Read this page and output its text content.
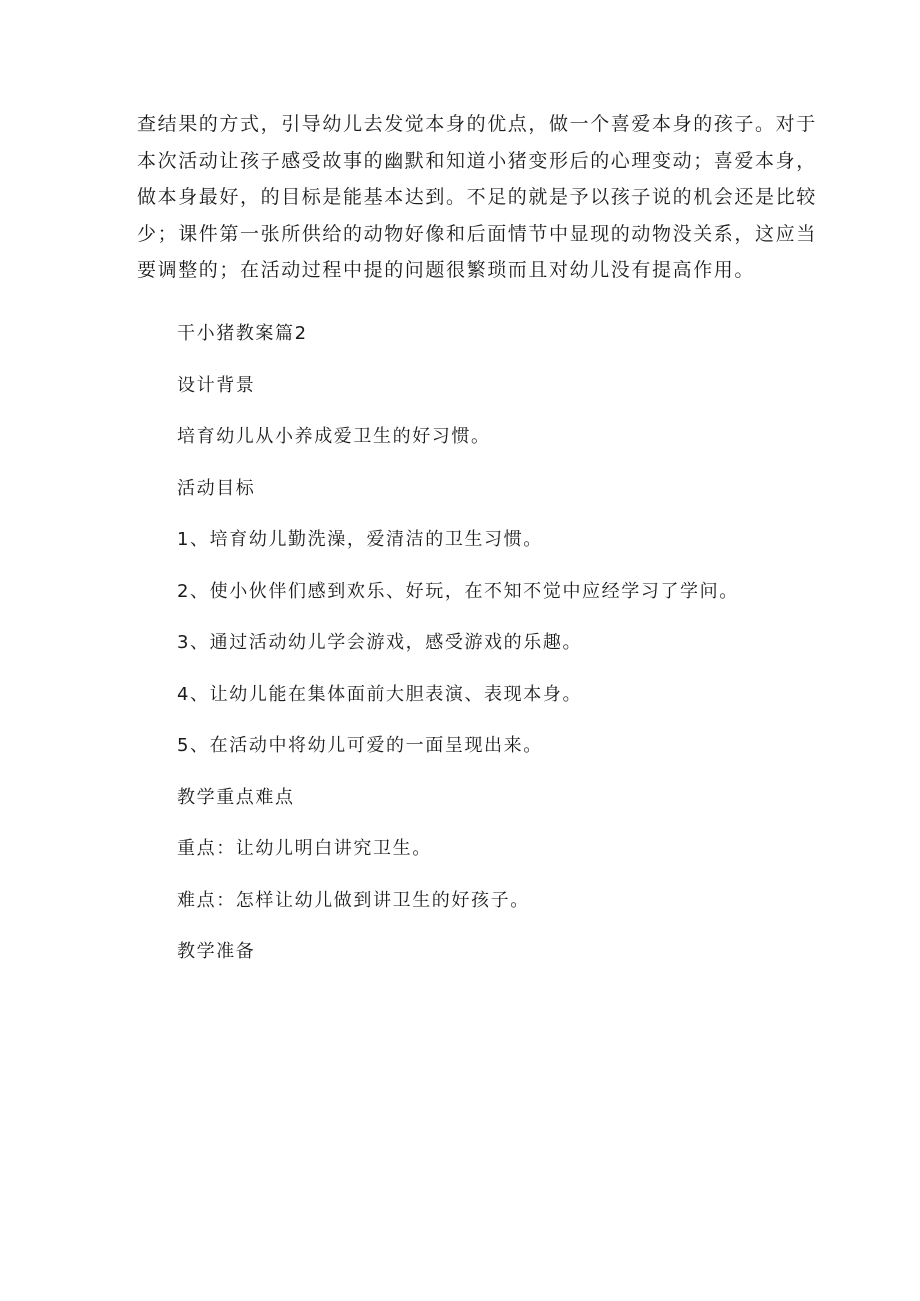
查结果的方式，引导幼儿去发觉本身的优点，做一个喜爱本身的孩子。对于
本次活动让孩子感受故事的幽默和知道小猪变形后的心理变动；喜爱本身，
做本身最好，的目标是能基本达到。不足的就是予以孩子说的机会还是比较
少；课件第一张所供给的动物好像和后面情节中显现的动物没关系，这应当
要调整的；在活动过程中提的问题很繁琐而且对幼儿没有提高作用。
干小猪教案篇2
设计背景
培育幼儿从小养成爱卫生的好习惯。
活动目标
1、培育幼儿勤洗澡，爱清洁的卫生习惯。
2、使小伙伴们感到欢乐、好玩，在不知不觉中应经学习了学问。
3、通过活动幼儿学会游戏，感受游戏的乐趣。
4、让幼儿能在集体面前大胆表演、表现本身。
5、在活动中将幼儿可爱的一面呈现出来。
教学重点难点
重点：让幼儿明白讲究卫生。
难点：怎样让幼儿做到讲卫生的好孩子。
教学准备
